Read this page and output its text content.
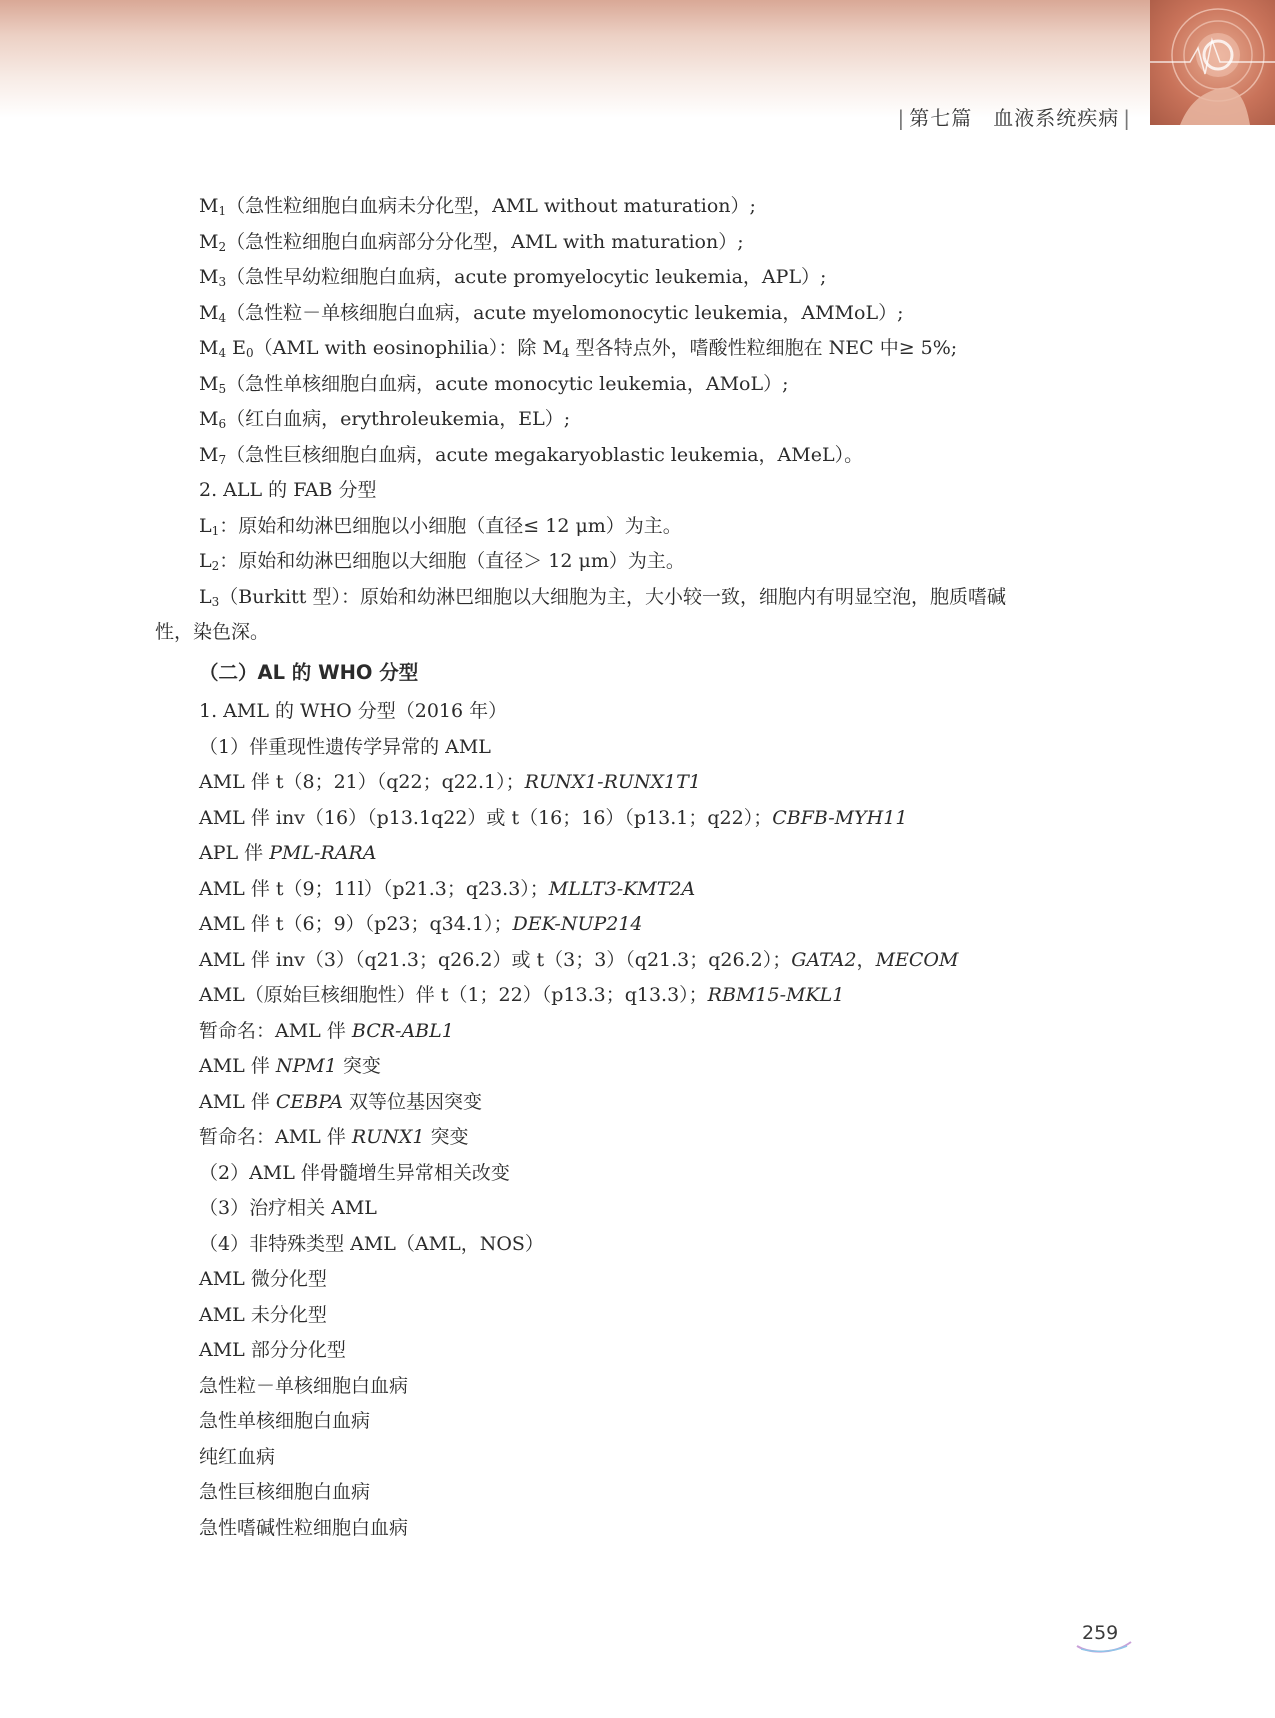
| 第七篇　血液系统疾病 |
$M_1$（急性粒细胞白血病未分化型，AML without maturation）;
$M_2$（急性粒细胞白血病部分分化型，AML with maturation）;
$M_3$（急性早幼粒细胞白血病，acute promyelocytic leukemia，APL）;
$M_4$（急性粒－单核细胞白血病，acute myelomonocytic leukemia，AMMoL）;
$M_4$ $E_0(AML$ with eosinophilia）：除 $M_4$ 型各特点外，嗜酸性粒细胞在 NEC 中≥ 5%;
$M_5$（急性单核细胞白血病，acute monocytic leukemia，AMoL）;
$M_6$（红白血病，erythroleukemia，EL）;
$M_7$（急性巨核细胞白血病，acute megakaryoblastic leukemia，AMeL）。
2. ALL 的 FAB 分型
$L_1$：原始和幼淋巴细胞以小细胞（直径≤ 12 μm）为主。
$L_2$：原始和幼淋巴细胞以大细胞（直径＞ 12 μm）为主。
$L_3(Burkitt$ 型）：原始和幼淋巴细胞以大细胞为主，大小较一致，细胞内有明显空泡，胞质嗜碱
性，染色深。
（二）AL 的 WHO 分型
1. AML 的 WHO 分型（2016 年）
（1）伴重现性遗传学异常的 AML
AML 伴 t（8；21）（q22；q22.1）；RUNX1-RUNX1T1
AML 伴 inv（16）（p13.1q22）或 t（16；16）（p13.1；q22）；CBFB-MYH11
APL 伴 PML-RARA
AML 伴 t（9；11l）（p21.3；q23.3）；MLLT3-KMT2A
AML 伴 t（6；9）（p23；q34.1）；DEK-NUP214
AML 伴 inv（3）（q21.3；q26.2）或 t（3；3）（q21.3；q26.2）；GATA2，MECOM
AML（原始巨核细胞性）伴 t（1；22）（p13.3；q13.3）；RBM15-MKL1
暂命名：AML 伴 BCR-ABL1
AML 伴 NPM1 突变
AML 伴 CEBPA 双等位基因突变
暂命名：AML 伴 RUNX1 突变
（2）AML 伴骨髓增生异常相关改变
（3）治疗相关 AML
（4）非特殊类型 AML（AML，NOS）
AML 微分化型
AML 未分化型
AML 部分分化型
急性粒－单核细胞白血病
急性单核细胞白血病
纯红血病
急性巨核细胞白血病
急性嗜碱性粒细胞白血病
259
